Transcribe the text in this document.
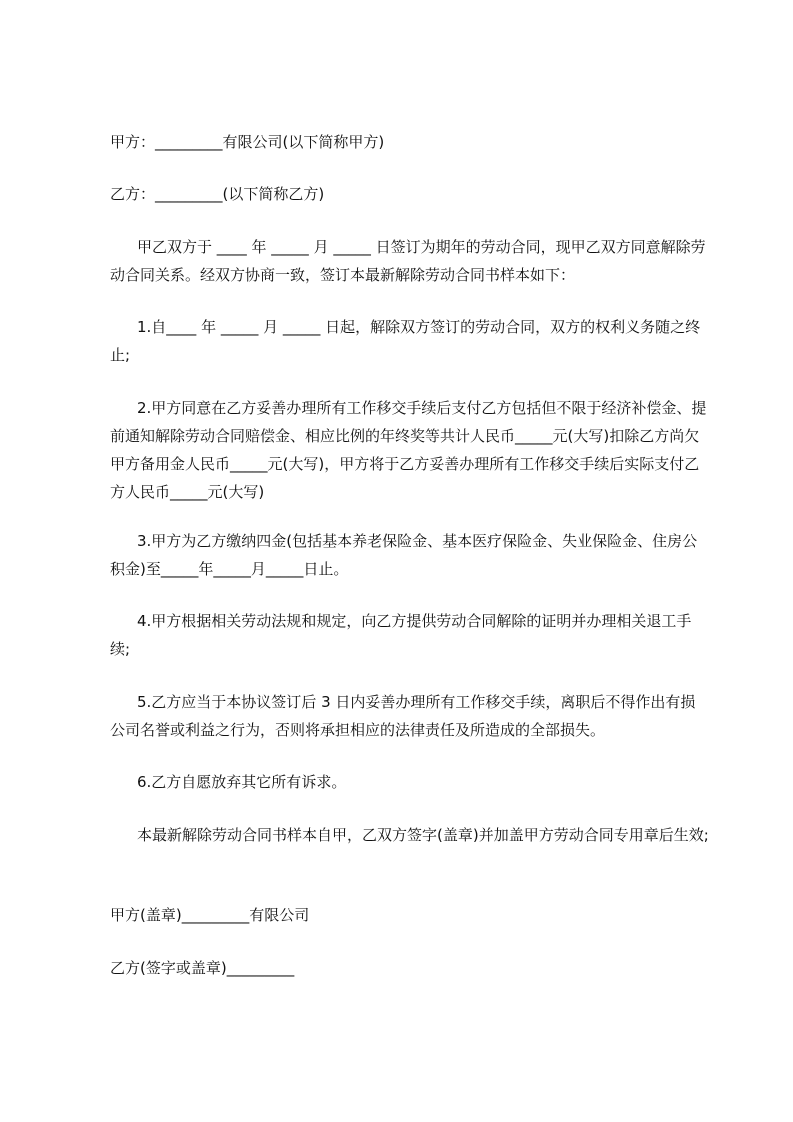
甲方：_________有限公司(以下简称甲方)

乙方：_________(以下简称乙方)

甲乙双方于 ____ 年 _____ 月 _____ 日签订为期年的劳动合同，现甲乙双方同意解除劳动合同关系。经双方协商一致，签订本最新解除劳动合同书样本如下：

1.自____ 年 _____ 月 _____ 日起，解除双方签订的劳动合同，双方的权利义务随之终止;

2.甲方同意在乙方妥善办理所有工作移交手续后支付乙方包括但不限于经济补偿金、提前通知解除劳动合同赔偿金、相应比例的年终奖等共计人民币_____元(大写)扣除乙方尚欠甲方备用金人民币_____元(大写)，甲方将于乙方妥善办理所有工作移交手续后实际支付乙方人民币_____元(大写)

3.甲方为乙方缴纳四金(包括基本养老保险金、基本医疗保险金、失业保险金、住房公积金)至_____年_____月_____日止。

4.甲方根据相关劳动法规和规定，向乙方提供劳动合同解除的证明并办理相关退工手续;

5.乙方应当于本协议签订后 3 日内妥善办理所有工作移交手续，离职后不得作出有损公司名誉或利益之行为，否则将承担相应的法律责任及所造成的全部损失。

6.乙方自愿放弃其它所有诉求。

本最新解除劳动合同书样本自甲，乙双方签字(盖章)并加盖甲方劳动合同专用章后生效;

甲方(盖章)_________有限公司

乙方(签字或盖章)_________
